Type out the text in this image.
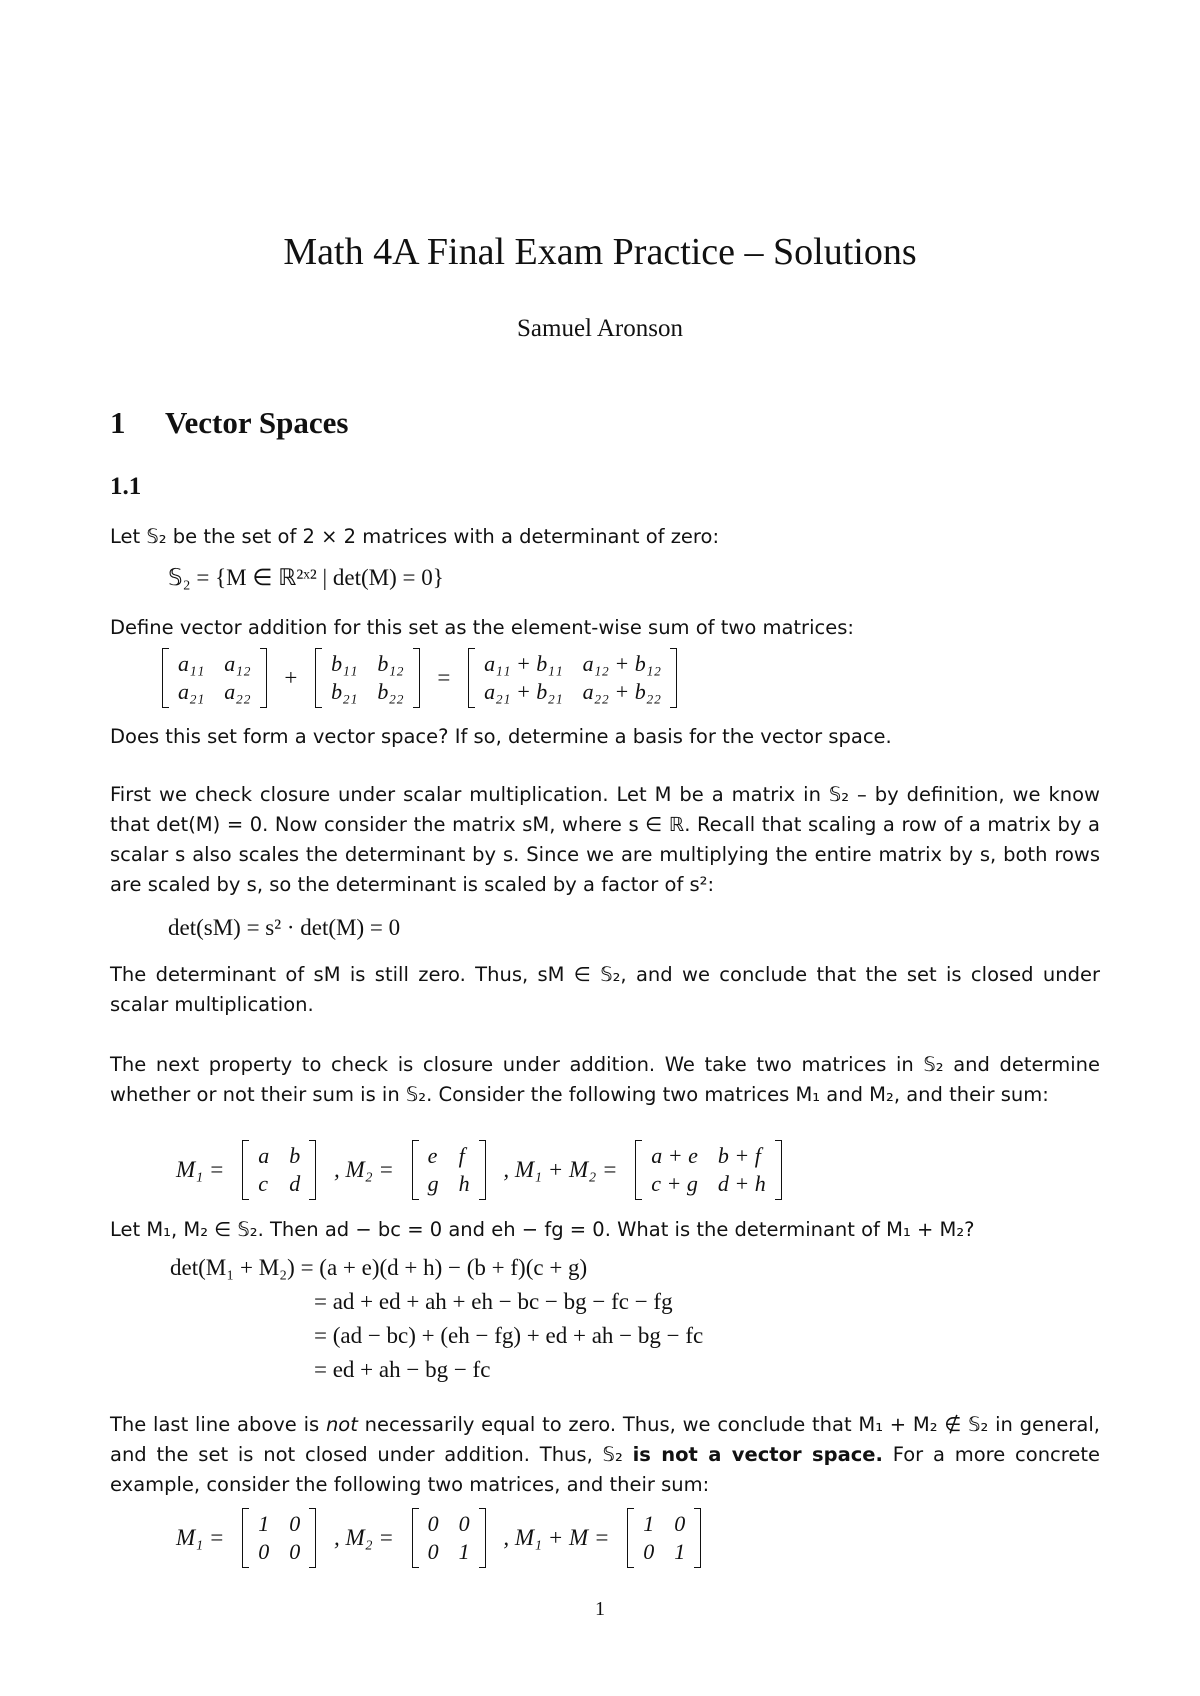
Math 4A Final Exam Practice – Solutions
Samuel Aronson
1 Vector Spaces
1.1
Let 𝕊₂ be the set of 2 × 2 matrices with a determinant of zero:
𝕊₂ = {M ∈ ℝ²ˣ² | det(M) = 0}
Define vector addition for this set as the element-wise sum of two matrices:
a₁₁	a₁₂
a₂₁	a₂₂
+
b₁₁	b₁₂
b₂₁	b₂₂
=
a₁₁ + b₁₁	a₁₂ + b₁₂
a₂₁ + b₂₁	a₂₂ + b₂₂
Does this set form a vector space? If so, determine a basis for the vector space.
First we check closure under scalar multiplication. Let M be a matrix in 𝕊₂ – by definition, we know that det(M) = 0. Now consider the matrix sM, where s ∈ ℝ. Recall that scaling a row of a matrix by a scalar s also scales the determinant by s. Since we are multiplying the entire matrix by s, both rows are scaled by s, so the determinant is scaled by a factor of s²:
det(sM) = s² · det(M) = 0
The determinant of sM is still zero. Thus, sM ∈ 𝕊₂, and we conclude that the set is closed under scalar multiplication.
The next property to check is closure under addition. We take two matrices in 𝕊₂ and determine whether or not their sum is in 𝕊₂. Consider the following two matrices M₁ and M₂, and their sum:
M₁ =
a	b
c	d
, M₂ =
e	f
g	h
, M₁ + M₂ =
a + e	b + f
c + g	d + h
Let M₁, M₂ ∈ 𝕊₂. Then ad − bc = 0 and eh − fg = 0. What is the determinant of M₁ + M₂?
det(M₁ + M₂) = (a + e)(d + h) − (b + f)(c + g)
= ad + ed + ah + eh − bc − bg − fc − fg
= (ad − bc) + (eh − fg) + ed + ah − bg − fc
= ed + ah − bg − fc
The last line above is not necessarily equal to zero. Thus, we conclude that M₁ + M₂ ∉ 𝕊₂ in general, and the set is not closed under addition. Thus, 𝕊₂ is not a vector space. For a more concrete example, consider the following two matrices, and their sum:
M₁ =
1	0
0	0
, M₂ =
0	0
0	1
, M₁ + M =
1	0
0	1
1
